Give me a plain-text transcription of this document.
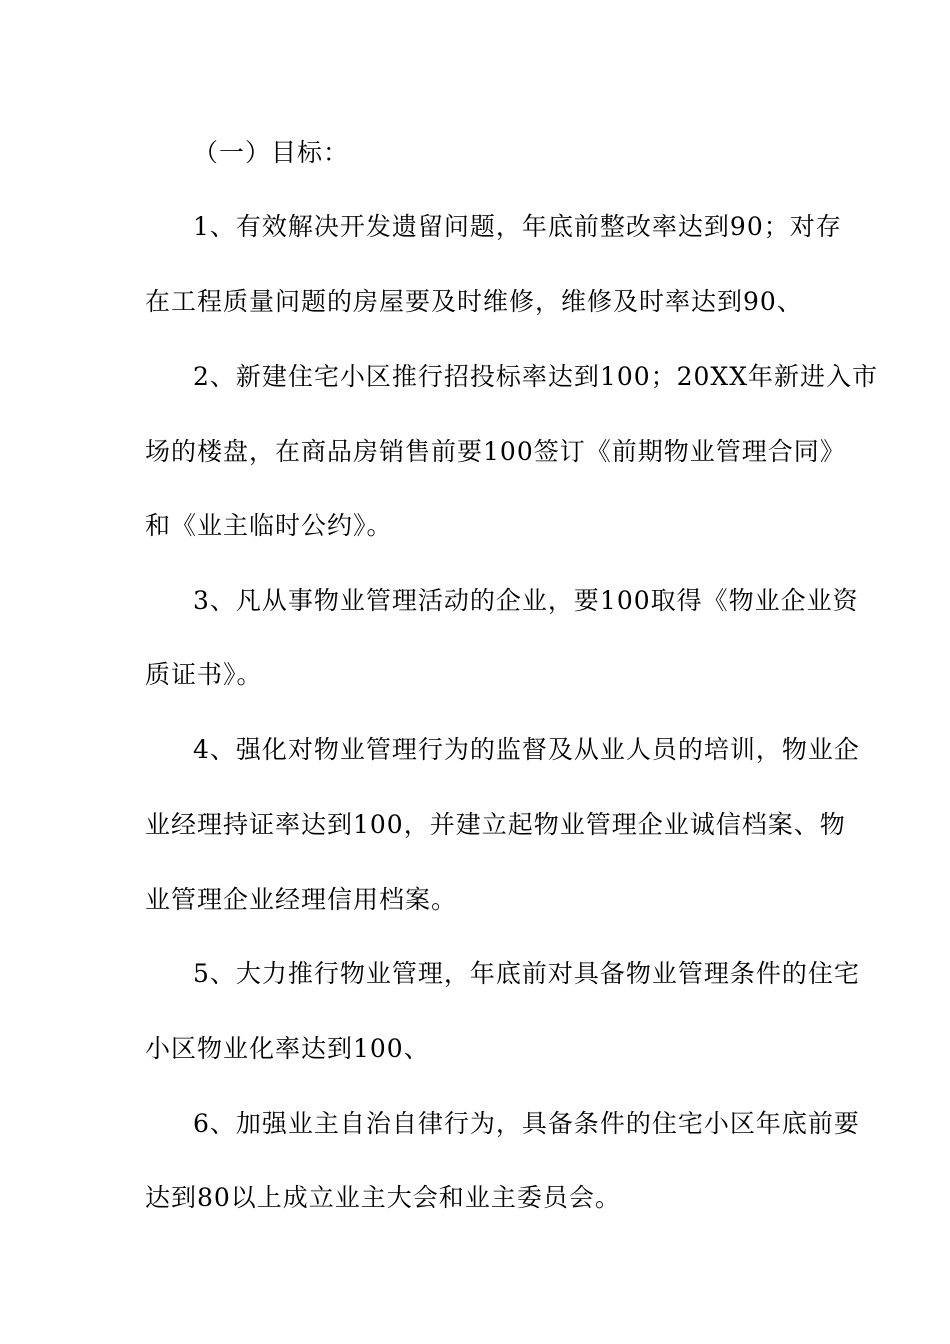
（一）目标：
1、有效解决开发遗留问题，年底前整改率达到90；对存
在工程质量问题的房屋要及时维修，维修及时率达到90、
2、新建住宅小区推行招投标率达到100；20XX年新进入市
场的楼盘，在商品房销售前要100签订《前期物业管理合同》
和《业主临时公约》。
3、凡从事物业管理活动的企业，要100取得《物业企业资
质证书》。
4、强化对物业管理行为的监督及从业人员的培训，物业企
业经理持证率达到100，并建立起物业管理企业诚信档案、物
业管理企业经理信用档案。
5、大力推行物业管理，年底前对具备物业管理条件的住宅
小区物业化率达到100、
6、加强业主自治自律行为，具备条件的住宅小区年底前要
达到80以上成立业主大会和业主委员会。
